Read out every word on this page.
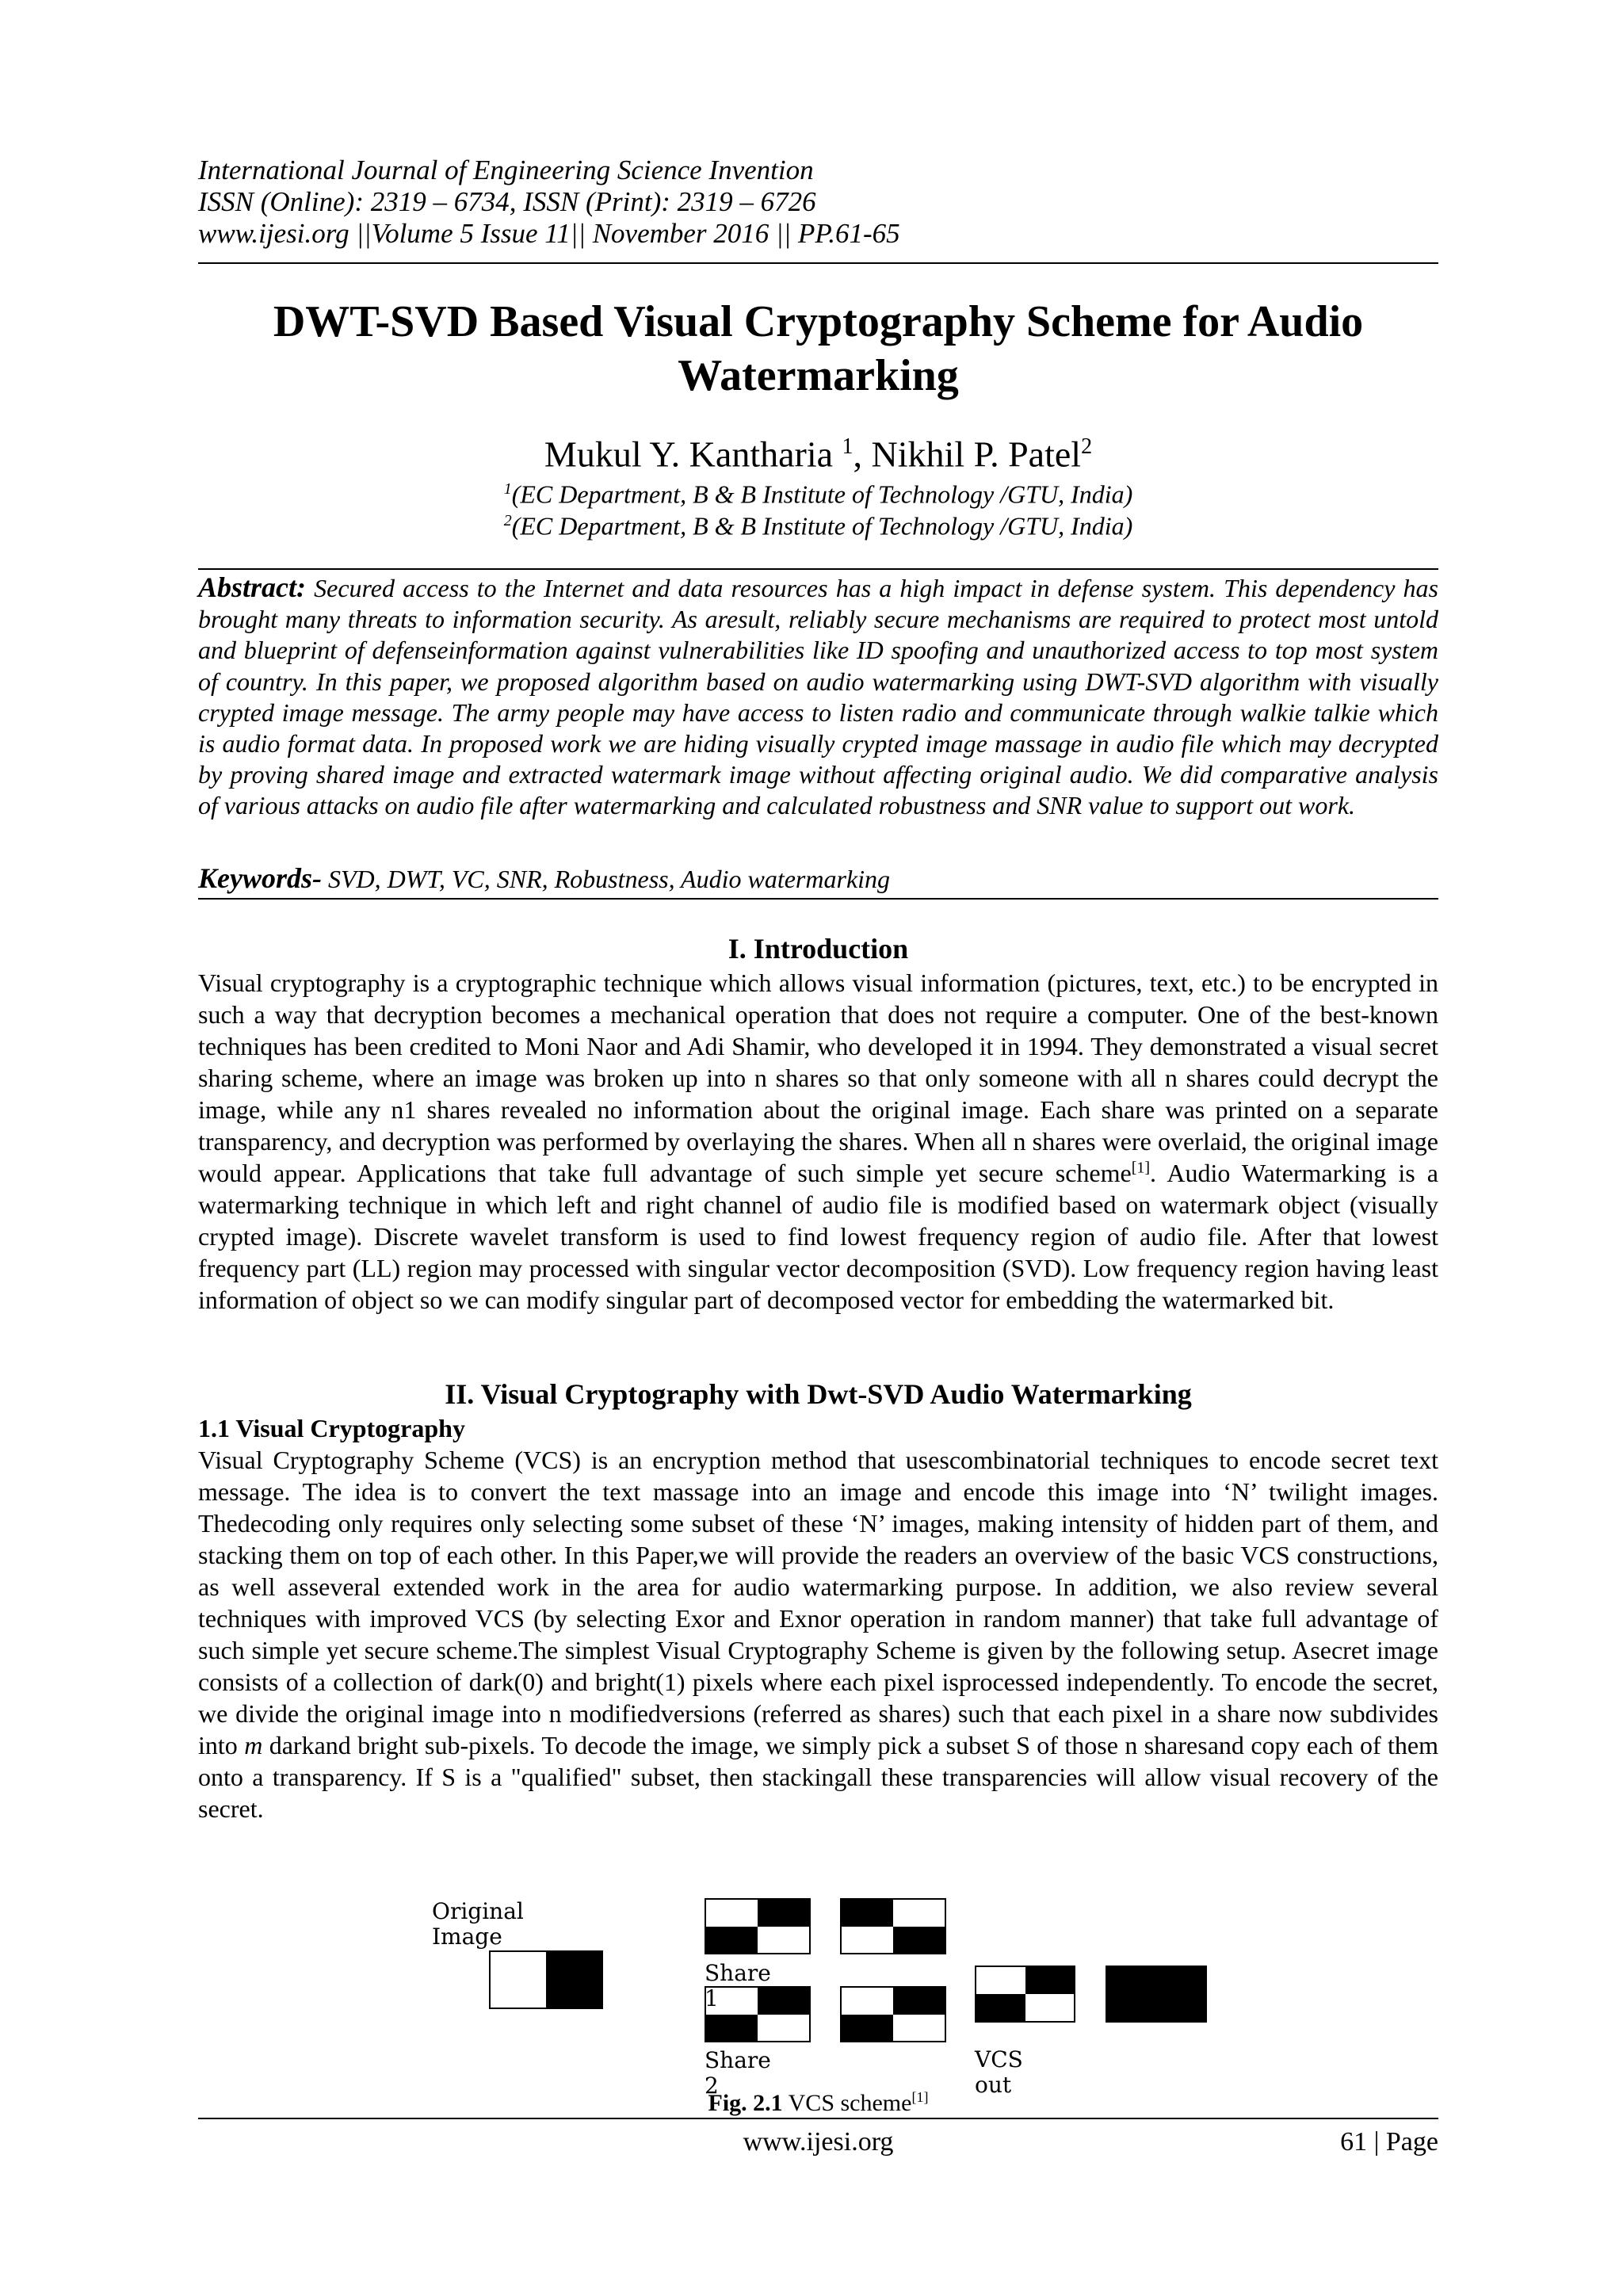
International Journal of Engineering Science Invention
ISSN (Online): 2319 – 6734, ISSN (Print): 2319 – 6726
www.ijesi.org ||Volume 5 Issue 11|| November 2016 || PP.61-65
DWT-SVD Based Visual Cryptography Scheme for Audio
Watermarking
Mukul Y. Kantharia $^1$, Nikhil P. Patel$^2$
$^1$(EC Department, B & B Institute of Technology /GTU, India)
$^2$(EC Department, B & B Institute of Technology /GTU, India)
Abstract: Secured access to the Internet and data resources has a high impact in defense system. This dependency has brought many threats to information security. As aresult, reliably secure mechanisms are required to protect most untold and blueprint of defenseinformation against vulnerabilities like ID spoofing and unauthorized access to top most system of country. In this paper, we proposed algorithm based on audio watermarking using DWT-SVD algorithm with visually crypted image message. The army people may have access to listen radio and communicate through walkie talkie which is audio format data. In proposed work we are hiding visually crypted image massage in audio file which may decrypted by proving shared image and extracted watermark image without affecting original audio. We did comparative analysis of various attacks on audio file after watermarking and calculated robustness and SNR value to support out work.
Keywords- SVD, DWT, VC, SNR, Robustness, Audio watermarking
I. Introduction
Visual cryptography is a cryptographic technique which allows visual information (pictures, text, etc.) to be encrypted in such a way that decryption becomes a mechanical operation that does not require a computer. One of the best-known techniques has been credited to Moni Naor and Adi Shamir, who developed it in 1994. They demonstrated a visual secret sharing scheme, where an image was broken up into n shares so that only someone with all n shares could decrypt the image, while any n1 shares revealed no information about the original image. Each share was printed on a separate transparency, and decryption was performed by overlaying the shares. When all n shares were overlaid, the original image would appear. Applications that take full advantage of such simple yet secure scheme[1]. Audio Watermarking is a watermarking technique in which left and right channel of audio file is modified based on watermark object (visually crypted image). Discrete wavelet transform is used to find lowest frequency region of audio file. After that lowest frequency part (LL) region may processed with singular vector decomposition (SVD). Low frequency region having least information of object so we can modify singular part of decomposed vector for embedding the watermarked bit.
II. Visual Cryptography with Dwt-SVD Audio Watermarking
1.1 Visual Cryptography
Visual Cryptography Scheme (VCS) is an encryption method that usescombinatorial techniques to encode secret text message. The idea is to convert the text massage into an image and encode this image into ‘N’ twilight images. Thedecoding only requires only selecting some subset of these ‘N’ images, making intensity of hidden part of them, and stacking them on top of each other. In this Paper,we will provide the readers an overview of the basic VCS constructions, as well asseveral extended work in the area for audio watermarking purpose. In addition, we also review several techniques with improved VCS (by selecting Exor and Exnor operation in random manner) that take full advantage of such simple yet secure scheme.The simplest Visual Cryptography Scheme is given by the following setup. Asecret image consists of a collection of dark(0) and bright(1) pixels where each pixel isprocessed independently. To encode the secret, we divide the original image into n modifiedversions (referred as shares) such that each pixel in a share now subdivides into m darkand bright sub-pixels. To decode the image, we simply pick a subset S of those n sharesand copy each of them onto a transparency. If S is a "qualified" subset, then stackingall these transparencies will allow visual recovery of the secret.
Original Image
Share 1
Share 2
VCS out
Fig. 2.1 VCS scheme[1]
www.ijesi.org	61 | Page
